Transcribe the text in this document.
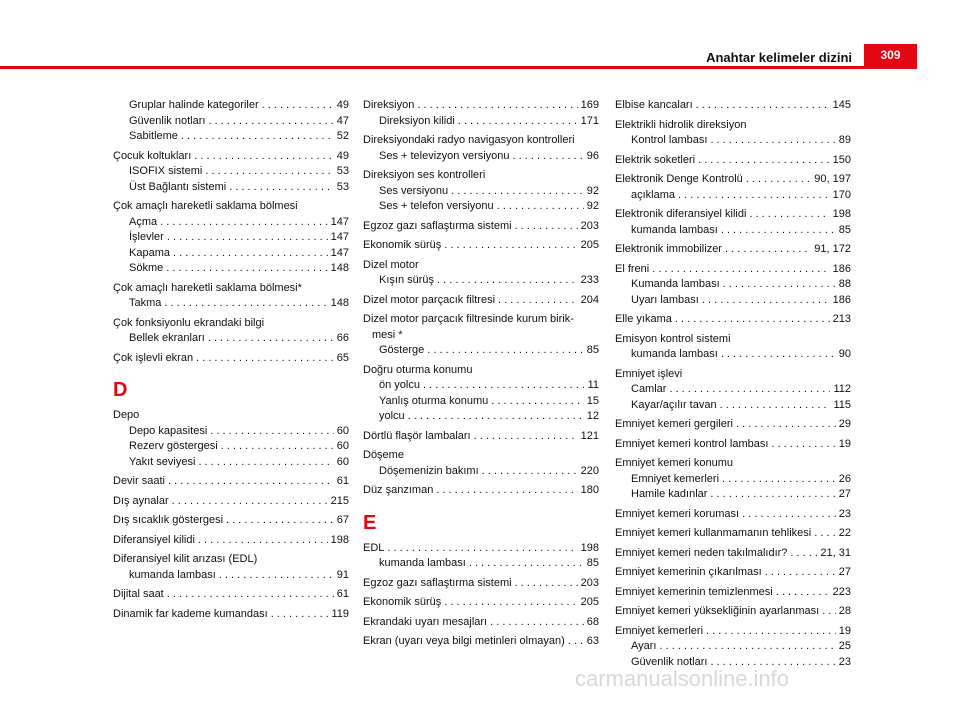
Anahtar kelimeler dizini	309
Gruplar halinde kategoriler . . .	49
Güvenlik notları . . .	47
Sabitleme . . .	52
Çocuk koltukları . . .	49
ISOFIX sistemi . . .	53
Üst Bağlantı sistemi . . .	53
Çok amaçlı hareketli saklama bölmesi
Açma . . .	147
İşlevler . . .	147
Kapama . . .	147
Sökme . . .	148
Çok amaçlı hareketli saklama bölmesi*
Takma . . .	148
Çok fonksiyonlu ekrandaki bilgi
Bellek ekranları . . .	66
Çok işlevli ekran . . .	65
D
Depo
Depo kapasitesi . . .	60
Rezerv göstergesi . . .	60
Yakıt seviyesi . . .	60
Devir saati . . .	61
Dış aynalar . . .	215
Dış sıcaklık göstergesi . . .	67
Diferansiyel kilidi . . .	198
Diferansiyel kilit arızası (EDL)
kumanda lambası . . .	91
Dijital saat . . .	61
Dinamik far kademe kumandası . . .	119
Direksiyon . . .	169
Direksiyon kilidi . . .	171
Direksiyondaki radyo navigasyon kontrolleri
Ses + televizyon versiyonu . . .	96
Direksiyon ses kontrolleri
Ses versiyonu . . .	92
Ses + telefon versiyonu . . .	92
Egzoz gazı saflaştırma sistemi . . .	203
Ekonomik sürüş . . .	205
Dizel motor
Kışın sürüş . . .	233
Dizel motor parçacık filtresi . . .	204
Dizel motor parçacık filtresinde kurum birik-
mesi *
Gösterge . . .	85
Doğru oturma konumu
ön yolcu . . .	11
Yanlış oturma konumu . . .	15
yolcu . . .	12
Dörtlü flaşör lambaları . . .	121
Döşeme
Döşemenizin bakımı . . .	220
Düz şanzıman . . .	180
E
EDL . . .	198
kumanda lambası . . .	85
Egzoz gazı saflaştırma sistemi . . .	203
Ekonomik sürüş . . .	205
Ekrandaki uyarı mesajları . . .	68
Ekran (uyarı veya bilgi metinleri olmayan) . . . 63
Elbise kancaları . . .	145
Elektrikli hidrolik direksiyon
Kontrol lambası . . .	89
Elektrik soketleri . . .	150
Elektronik Denge Kontrolü . . .	90, 197
açıklama . . .	170
Elektronik diferansiyel kilidi . . .	198
kumanda lambası . . .	85
Elektronik immobilizer . . .	91, 172
El freni . . .	186
Kumanda lambası . . .	88
Uyarı lambası . . .	186
Elle yıkama . . .	213
Emisyon kontrol sistemi
kumanda lambası . . .	90
Emniyet işlevi
Camlar . . .	112
Kayar/açılır tavan . . .	115
Emniyet kemeri gergileri . . .	29
Emniyet kemeri kontrol lambası . . .	19
Emniyet kemeri konumu
Emniyet kemerleri . . .	26
Hamile kadınlar . . .	27
Emniyet kemeri koruması . . .	23
Emniyet kemeri kullanmamanın tehlikesi . . .	22
Emniyet kemeri neden takılmalıdır? . . .	21, 31
Emniyet kemerinin çıkarılması . . .	27
Emniyet kemerinin temizlenmesi . . .	223
Emniyet kemeri yüksekliğinin ayarlanması . . . 28
Emniyet kemerleri . . .	19
Ayarı . . .	25
Güvenlik notları . . .	23
carmanualsonline.info
